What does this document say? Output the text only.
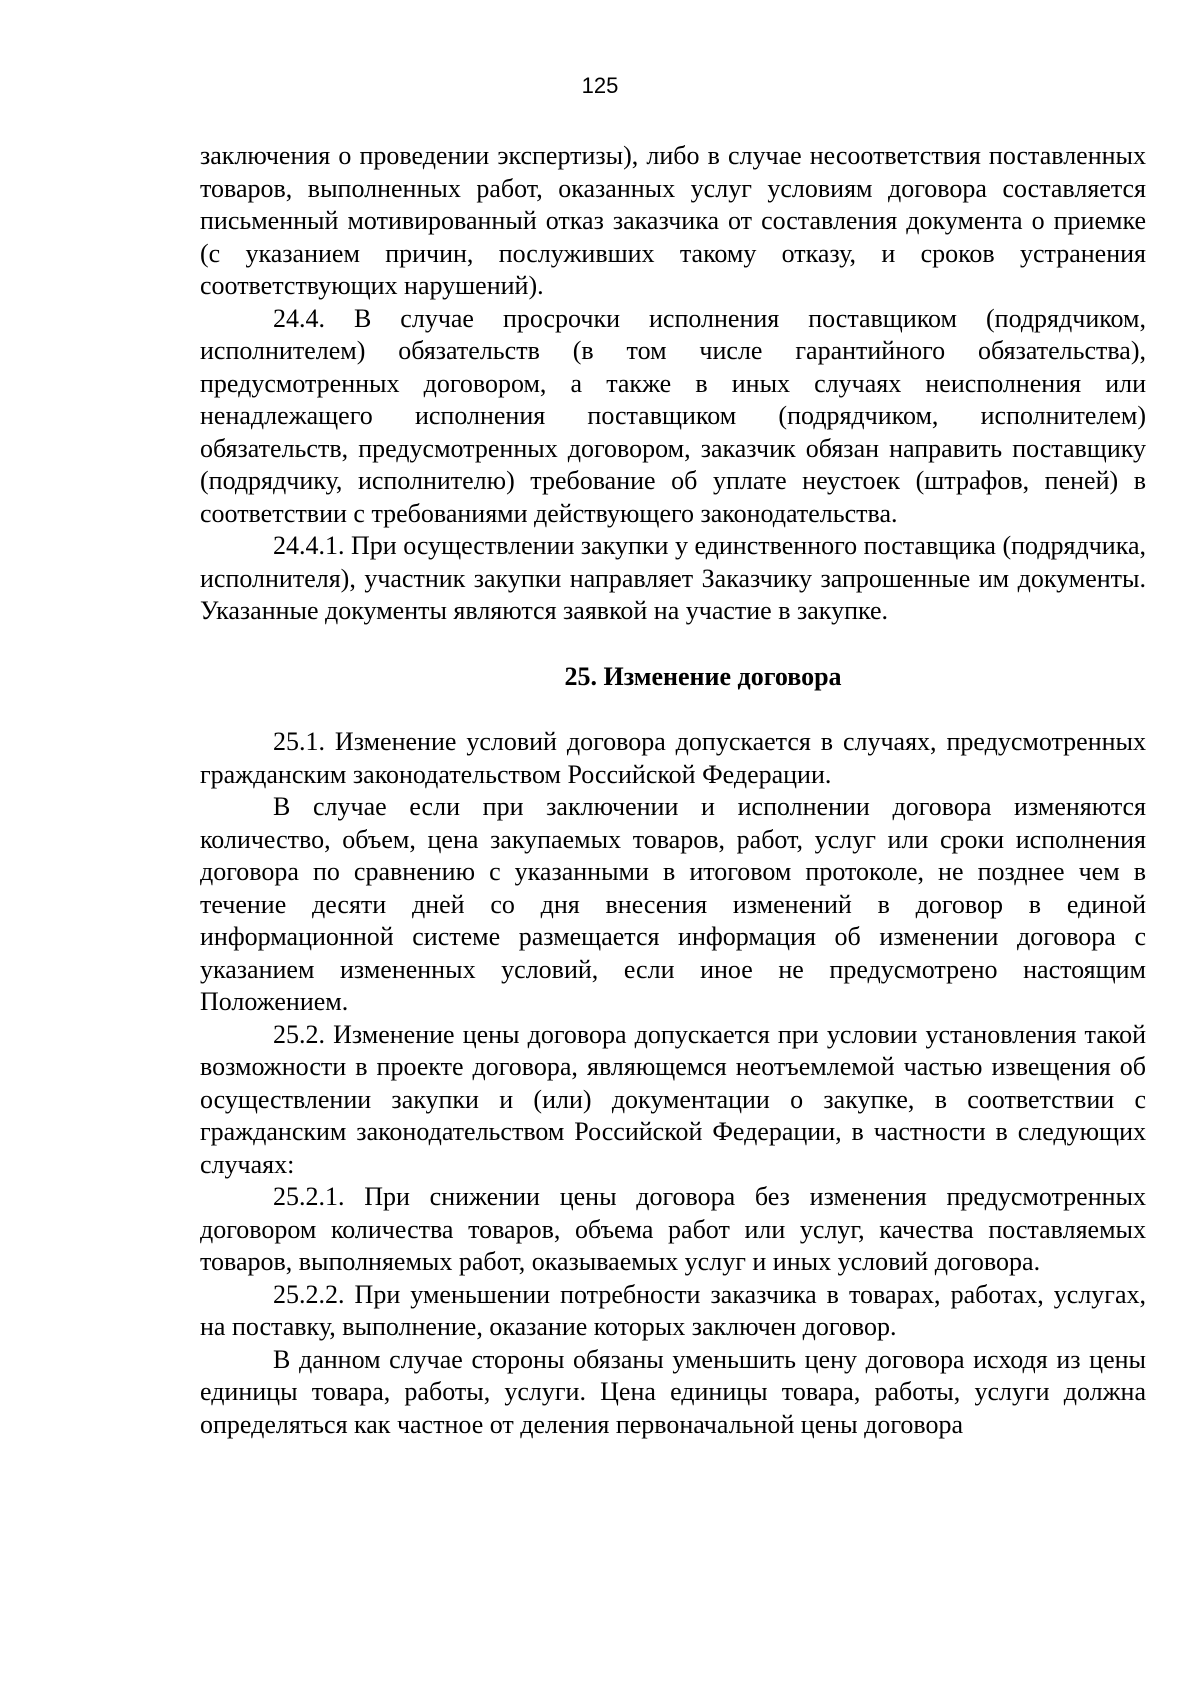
125

заключения о проведении экспертизы), либо в случае несоответствия поставленных товаров, выполненных работ, оказанных услуг условиям договора составляется письменный мотивированный отказ заказчика от составления документа о приемке (с указанием причин, послуживших такому отказу, и сроков устранения соответствующих нарушений).

24.4. В случае просрочки исполнения поставщиком (подрядчиком, исполнителем) обязательств (в том числе гарантийного обязательства), предусмотренных договором, а также в иных случаях неисполнения или ненадлежащего исполнения поставщиком (подрядчиком, исполнителем) обязательств, предусмотренных договором, заказчик обязан направить поставщику (подрядчику, исполнителю) требование об уплате неустоек (штрафов, пеней) в соответствии с требованиями действующего законодательства.

24.4.1. При осуществлении закупки у единственного поставщика (подрядчика, исполнителя), участник закупки направляет Заказчику запрошенные им документы. Указанные документы являются заявкой на участие в закупке.

25. Изменение договора

25.1. Изменение условий договора допускается в случаях, предусмотренных гражданским законодательством Российской Федерации.

В случае если при заключении и исполнении договора изменяются количество, объем, цена закупаемых товаров, работ, услуг или сроки исполнения договора по сравнению с указанными в итоговом протоколе, не позднее чем в течение десяти дней со дня внесения изменений в договор в единой информационной системе размещается информация об изменении договора с указанием измененных условий, если иное не предусмотрено настоящим Положением.

25.2. Изменение цены договора допускается при условии установления такой возможности в проекте договора, являющемся неотъемлемой частью извещения об осуществлении закупки и (или) документации о закупке, в соответствии с гражданским законодательством Российской Федерации, в частности в следующих случаях:

25.2.1. При снижении цены договора без изменения предусмотренных договором количества товаров, объема работ или услуг, качества поставляемых товаров, выполняемых работ, оказываемых услуг и иных условий договора.

25.2.2. При уменьшении потребности заказчика в товарах, работах, услугах, на поставку, выполнение, оказание которых заключен договор.

В данном случае стороны обязаны уменьшить цену договора исходя из цены единицы товара, работы, услуги. Цена единицы товара, работы, услуги должна определяться как частное от деления первоначальной цены договора
